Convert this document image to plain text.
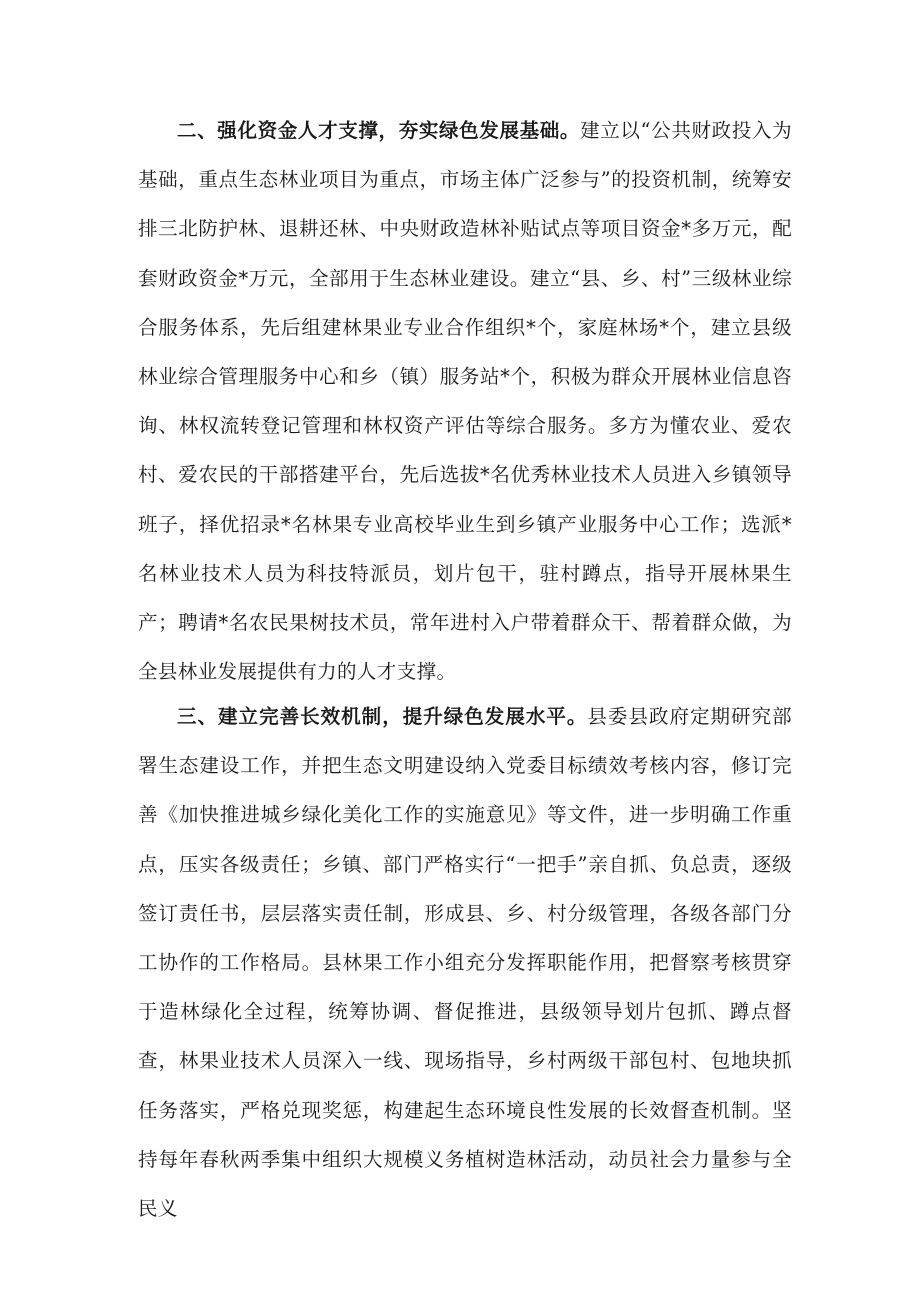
二、强化资金人才支撑，夯实绿色发展基础。建立以“公共财政投入为基础，重点生态林业项目为重点，市场主体广泛参与”的投资机制，统筹安排三北防护林、退耕还林、中央财政造林补贴试点等项目资金*多万元，配套财政资金*万元，全部用于生态林业建设。建立“县、乡、村”三级林业综合服务体系，先后组建林果业专业合作组织*个，家庭林场*个，建立县级林业综合管理服务中心和乡（镇）服务站*个，积极为群众开展林业信息咨询、林权流转登记管理和林权资产评估等综合服务。多方为懂农业、爱农村、爱农民的干部搭建平台，先后选拔*名优秀林业技术人员进入乡镇领导班子，择优招录*名林果专业高校毕业生到乡镇产业服务中心工作；选派*名林业技术人员为科技特派员，划片包干，驻村蹲点，指导开展林果生产；聘请*名农民果树技术员，常年进村入户带着群众干、帮着群众做，为全县林业发展提供有力的人才支撑。

三、建立完善长效机制，提升绿色发展水平。县委县政府定期研究部署生态建设工作，并把生态文明建设纳入党委目标绩效考核内容，修订完善《加快推进城乡绿化美化工作的实施意见》等文件，进一步明确工作重点，压实各级责任；乡镇、部门严格实行“一把手”亲自抓、负总责，逐级签订责任书，层层落实责任制，形成县、乡、村分级管理，各级各部门分工协作的工作格局。县林果工作小组充分发挥职能作用，把督察考核贯穿于造林绿化全过程，统筹协调、督促推进，县级领导划片包抓、蹲点督查，林果业技术人员深入一线、现场指导，乡村两级干部包村、包地块抓任务落实，严格兑现奖惩，构建起生态环境良性发展的长效督查机制。坚持每年春秋两季集中组织大规模义务植树造林活动，动员社会力量参与全民义
